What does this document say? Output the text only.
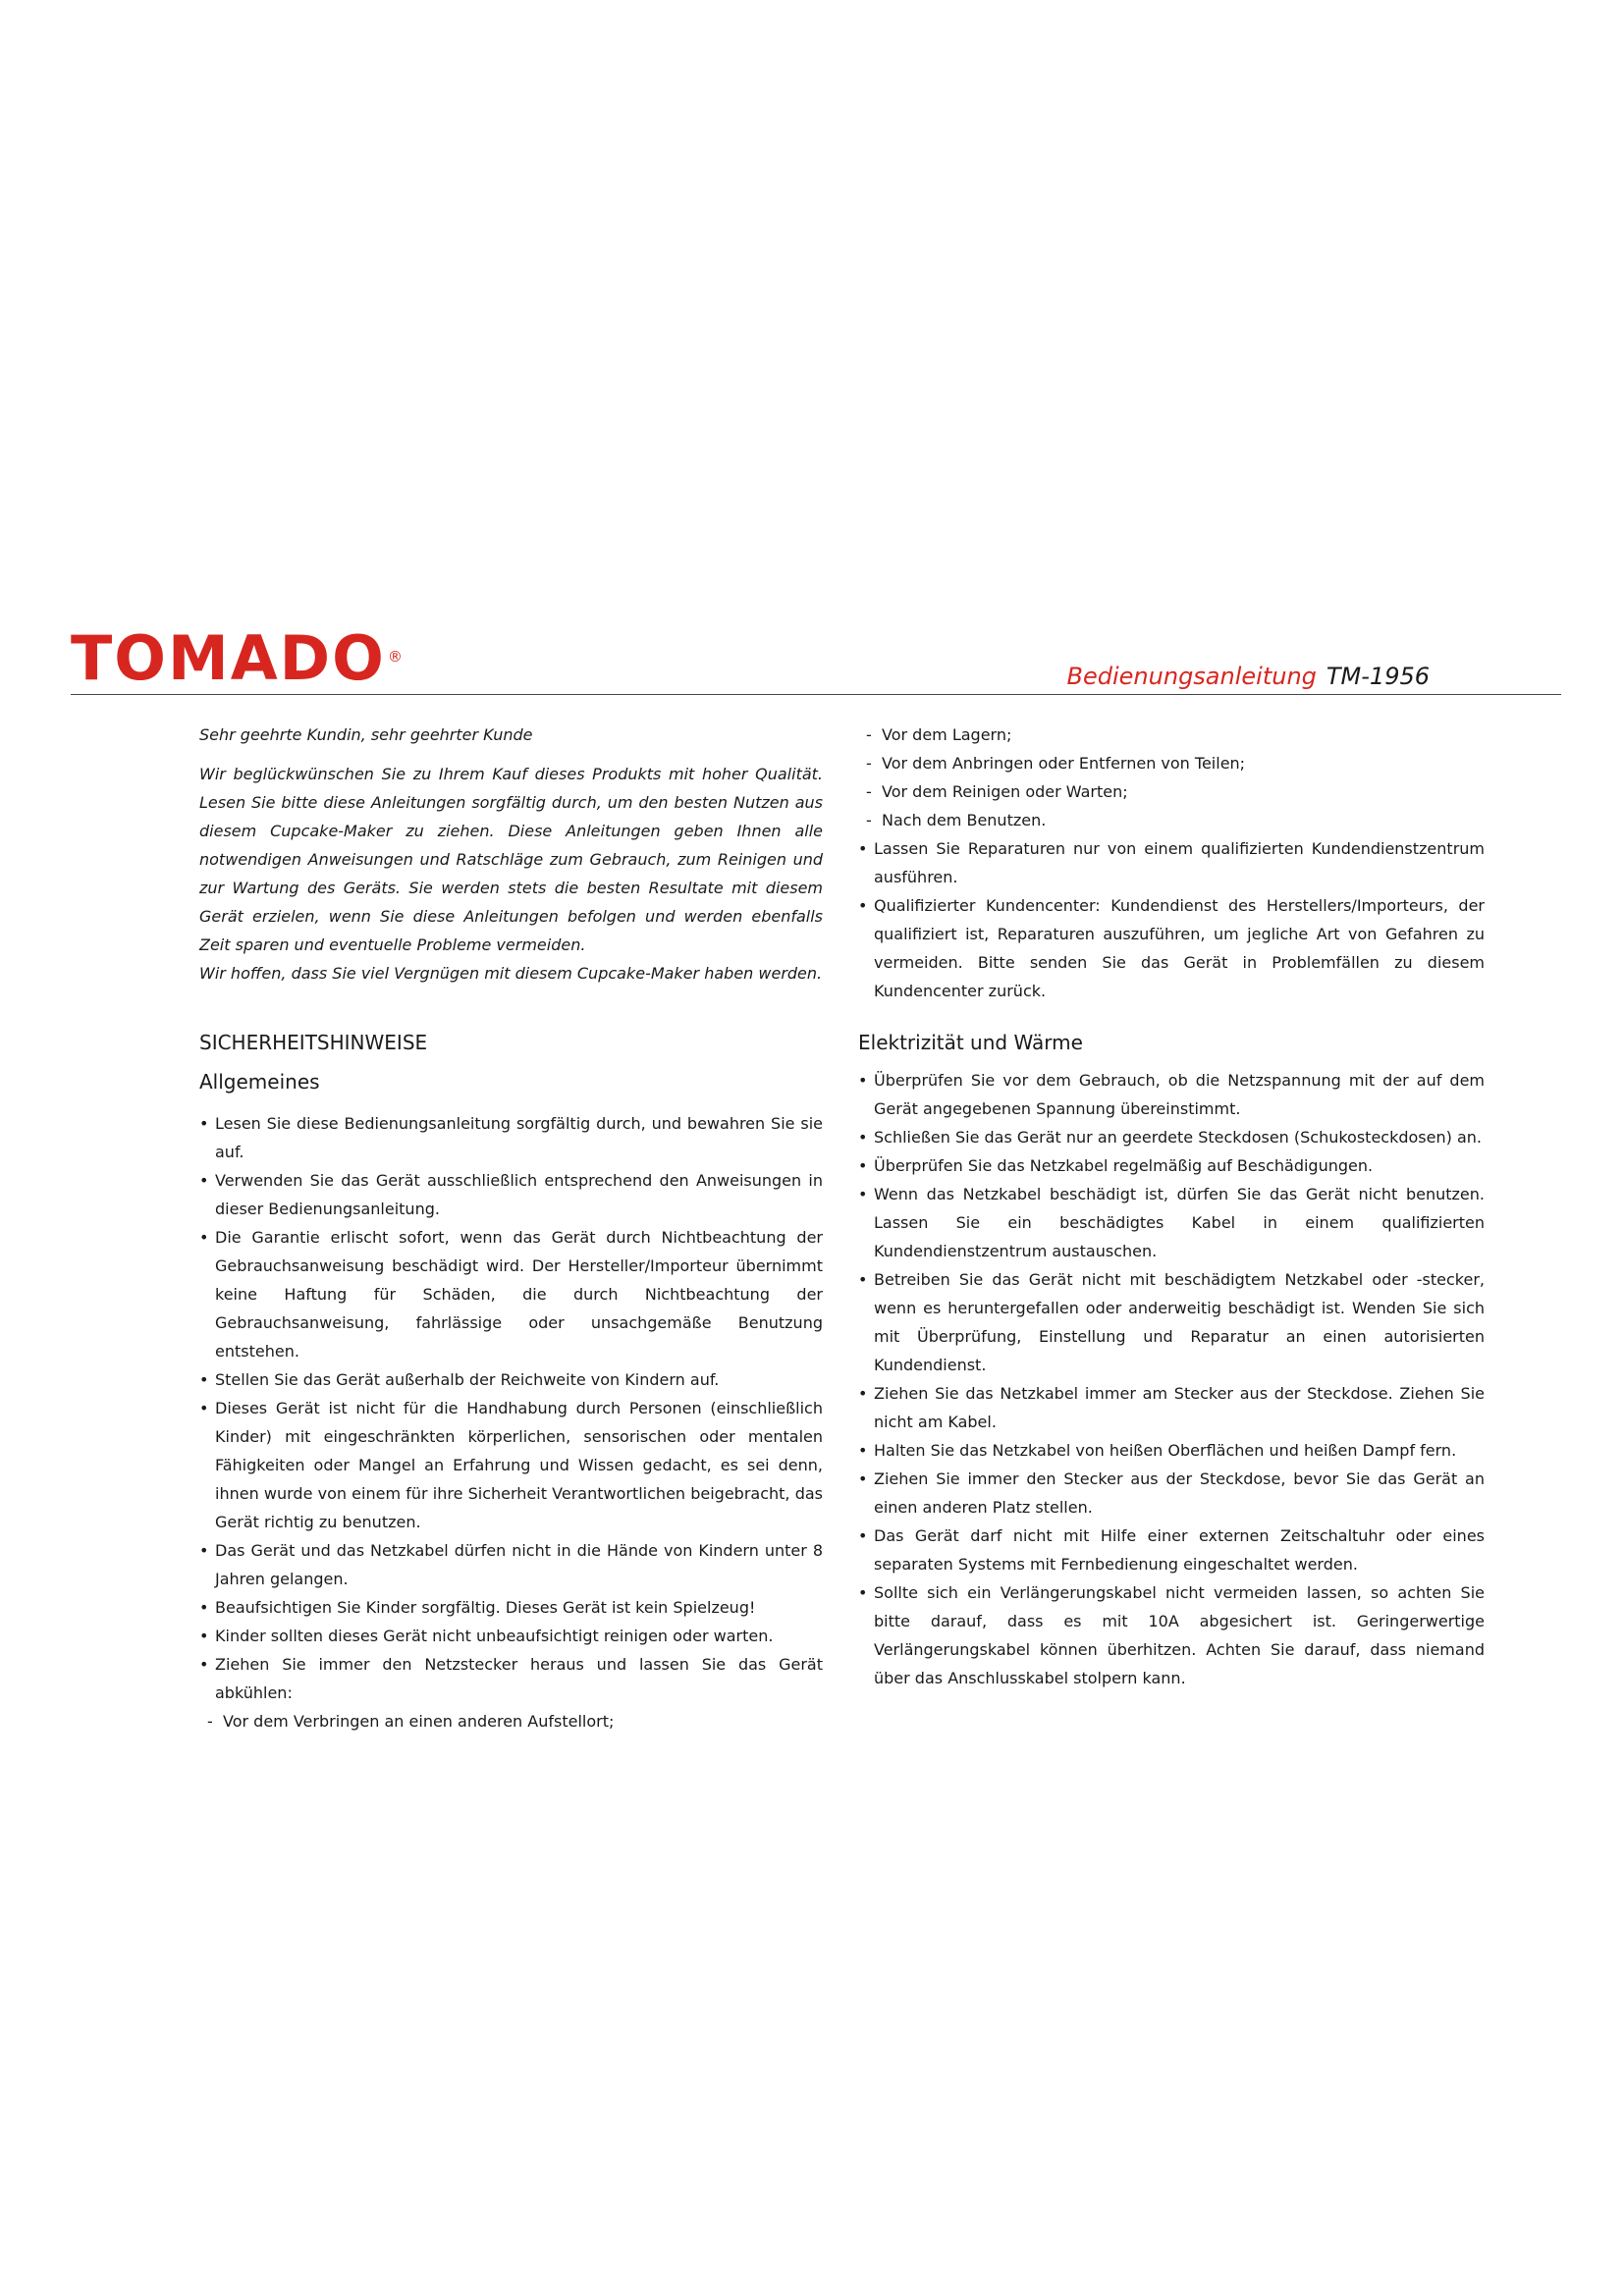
TOMADO ®
Bedienungsanleitung TM-1956

Sehr geehrte Kundin, sehr geehrter Kunde

Wir beglückwünschen Sie zu Ihrem Kauf dieses Produkts mit hoher Qualität. Lesen Sie bitte diese Anleitungen sorgfältig durch, um den besten Nutzen aus diesem Cupcake-Maker zu ziehen. Diese Anleitungen geben Ihnen alle notwendigen Anweisungen und Ratschläge zum Gebrauch, zum Reinigen und zur Wartung des Geräts. Sie werden stets die besten Resultate mit diesem Gerät erzielen, wenn Sie diese Anleitungen befolgen und werden ebenfalls Zeit sparen und eventuelle Probleme vermeiden.

Wir hoffen, dass Sie viel Vergnügen mit diesem Cupcake-Maker haben werden.

SICHERHEITSHINWEISE
Allgemeines
• Lesen Sie diese Bedienungsanleitung sorgfältig durch, und bewahren Sie sie auf.
• Verwenden Sie das Gerät ausschließlich entsprechend den Anweisungen in dieser Bedienungsanleitung.
• Die Garantie erlischt sofort, wenn das Gerät durch Nichtbeachtung der Gebrauchsanweisung beschädigt wird. Der Hersteller/Importeur übernimmt keine Haftung für Schäden, die durch Nichtbeachtung der Gebrauchsanweisung, fahrlässige oder unsachgemäße Benutzung entstehen.
• Stellen Sie das Gerät außerhalb der Reichweite von Kindern auf.
• Dieses Gerät ist nicht für die Handhabung durch Personen (einschließlich Kinder) mit eingeschränkten körperlichen, sensorischen oder mentalen Fähigkeiten oder Mangel an Erfahrung und Wissen gedacht, es sei denn, ihnen wurde von einem für ihre Sicherheit Verantwortlichen beigebracht, das Gerät richtig zu benutzen.
• Das Gerät und das Netzkabel dürfen nicht in die Hände von Kindern unter 8 Jahren gelangen.
• Beaufsichtigen Sie Kinder sorgfältig. Dieses Gerät ist kein Spielzeug!
• Kinder sollten dieses Gerät nicht unbeaufsichtigt reinigen oder warten.
• Ziehen Sie immer den Netzstecker heraus und lassen Sie das Gerät abkühlen:
- Vor dem Verbringen an einen anderen Aufstellort;
- Vor dem Lagern;
- Vor dem Anbringen oder Entfernen von Teilen;
- Vor dem Reinigen oder Warten;
- Nach dem Benutzen.
• Lassen Sie Reparaturen nur von einem qualifizierten Kundendienstzentrum ausführen.
• Qualifizierter Kundencenter: Kundendienst des Herstellers/Importeurs, der qualifiziert ist, Reparaturen auszuführen, um jegliche Art von Gefahren zu vermeiden. Bitte senden Sie das Gerät in Problemfällen zu diesem Kundencenter zurück.
Elektrizität und Wärme
• Überprüfen Sie vor dem Gebrauch, ob die Netzspannung mit der auf dem Gerät angegebenen Spannung übereinstimmt.
• Schließen Sie das Gerät nur an geerdete Steckdosen (Schukosteckdosen) an.
• Überprüfen Sie das Netzkabel regelmäßig auf Beschädigungen.
• Wenn das Netzkabel beschädigt ist, dürfen Sie das Gerät nicht benutzen. Lassen Sie ein beschädigtes Kabel in einem qualifizierten Kundendienstzentrum austauschen.
• Betreiben Sie das Gerät nicht mit beschädigtem Netzkabel oder -stecker, wenn es heruntergefallen oder anderweitig beschädigt ist. Wenden Sie sich mit Überprüfung, Einstellung und Reparatur an einen autorisierten Kundendienst.
• Ziehen Sie das Netzkabel immer am Stecker aus der Steckdose. Ziehen Sie nicht am Kabel.
• Halten Sie das Netzkabel von heißen Oberflächen und heißen Dampf fern.
• Ziehen Sie immer den Stecker aus der Steckdose, bevor Sie das Gerät an einen anderen Platz stellen.
• Das Gerät darf nicht mit Hilfe einer externen Zeitschaltuhr oder eines separaten Systems mit Fernbedienung eingeschaltet werden.
• Sollte sich ein Verlängerungskabel nicht vermeiden lassen, so achten Sie bitte darauf, dass es mit 10A abgesichert ist. Geringerwertige Verlängerungskabel können überhitzen. Achten Sie darauf, dass niemand über das Anschlusskabel stolpern kann.
